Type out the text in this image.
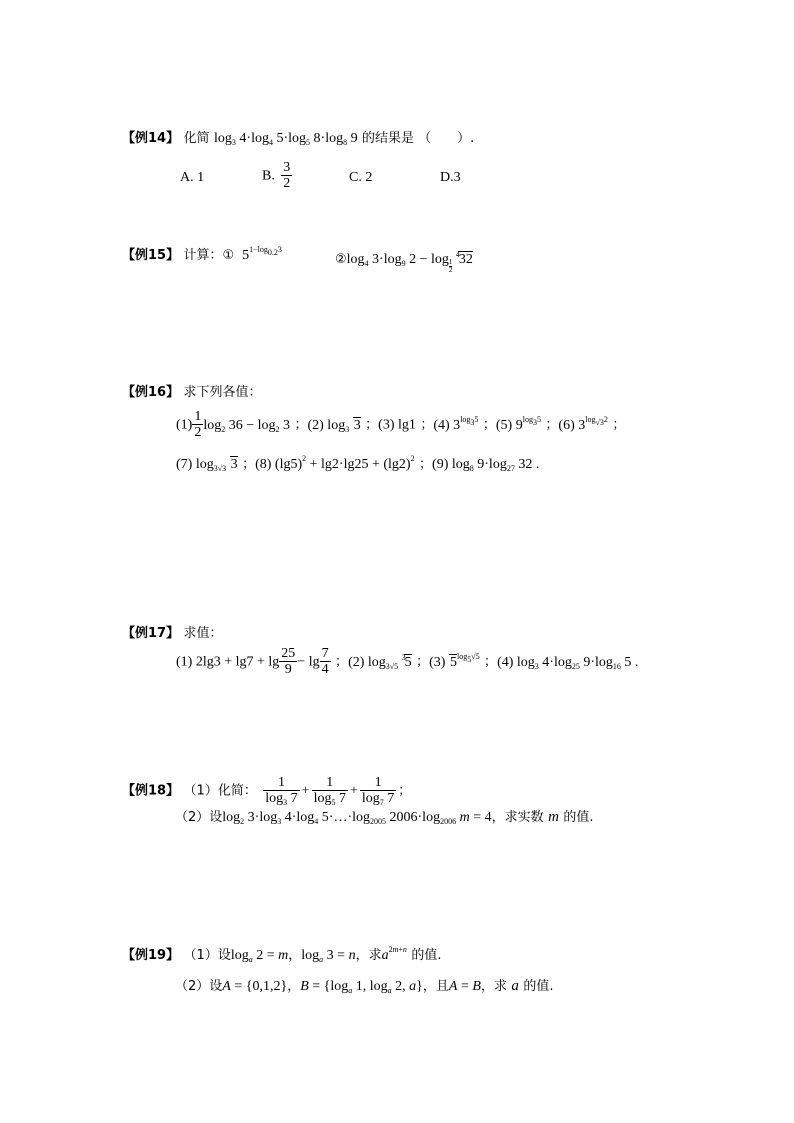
【例14】 化简 $\log_3 4\cdot\log_4$ $5\cdot\log_5$ $8\cdot\log_8$ 9 的结果是 （　　）.
A. 1	B. $\frac{3}{2}$	C. 2	D.3
【例15】 计算：①  $5^{1-log_{0.2}3}$
$②\log_4$ $3\cdot\log_9$ 2 − log $_{\frac{1}{2}}$
$^4$32
【例16】 求下列各值：
$(1) \frac{1}{2} \log_2 36 - \log_2 3$ ；(2) $\log_3 3$ ；(3) lg1 ；(4) $3^{log_35}$ ；(5) $9^{log_35}$ ；(6) $3^{log_{√3}2}$ ；
(7) $\log_{3√3} 3$ ；(8) $(\lg 5)^2 + \lg 2\cdot\lg 25 + (\lg 2)^2$ ；(9) $\log_8 9\cdot\log_{27}$ 32 .
【例17】 求值：
(1) $2\lg 3 + \lg 7 + \lg \frac{25}{9} - \lg \frac{7}{4}$ ；(2) $\log_{3√5} ^35$ ；(3) $5^{log_5√5}$ ；(4) $\log_3 4\cdot\log_{25}$ $9\cdot\log_{16}$ 5 .
【例18】 （1）化简： $\frac{1}{\log_3 7} + \frac{1}{\log_5 7} + \frac{1}{\log_7 7}$ ；
（2）设$\log_2 3\cdot\log_3$ $4\cdot\log_4$ $5\cdot\dots\cdot\log_{2005}$ $2006\cdot\log_{2006}$ m = 4，求实数 m 的值.
【例19】 （1）设$\log_a 2 = m$，$\log_a 3 = n$，求$a^{2m+n}$ 的值.
（2）设A = {0,1,2}，$B = \{\log_a$ 1, $\log_a 2$, a}，且A = B，求 a 的值.
